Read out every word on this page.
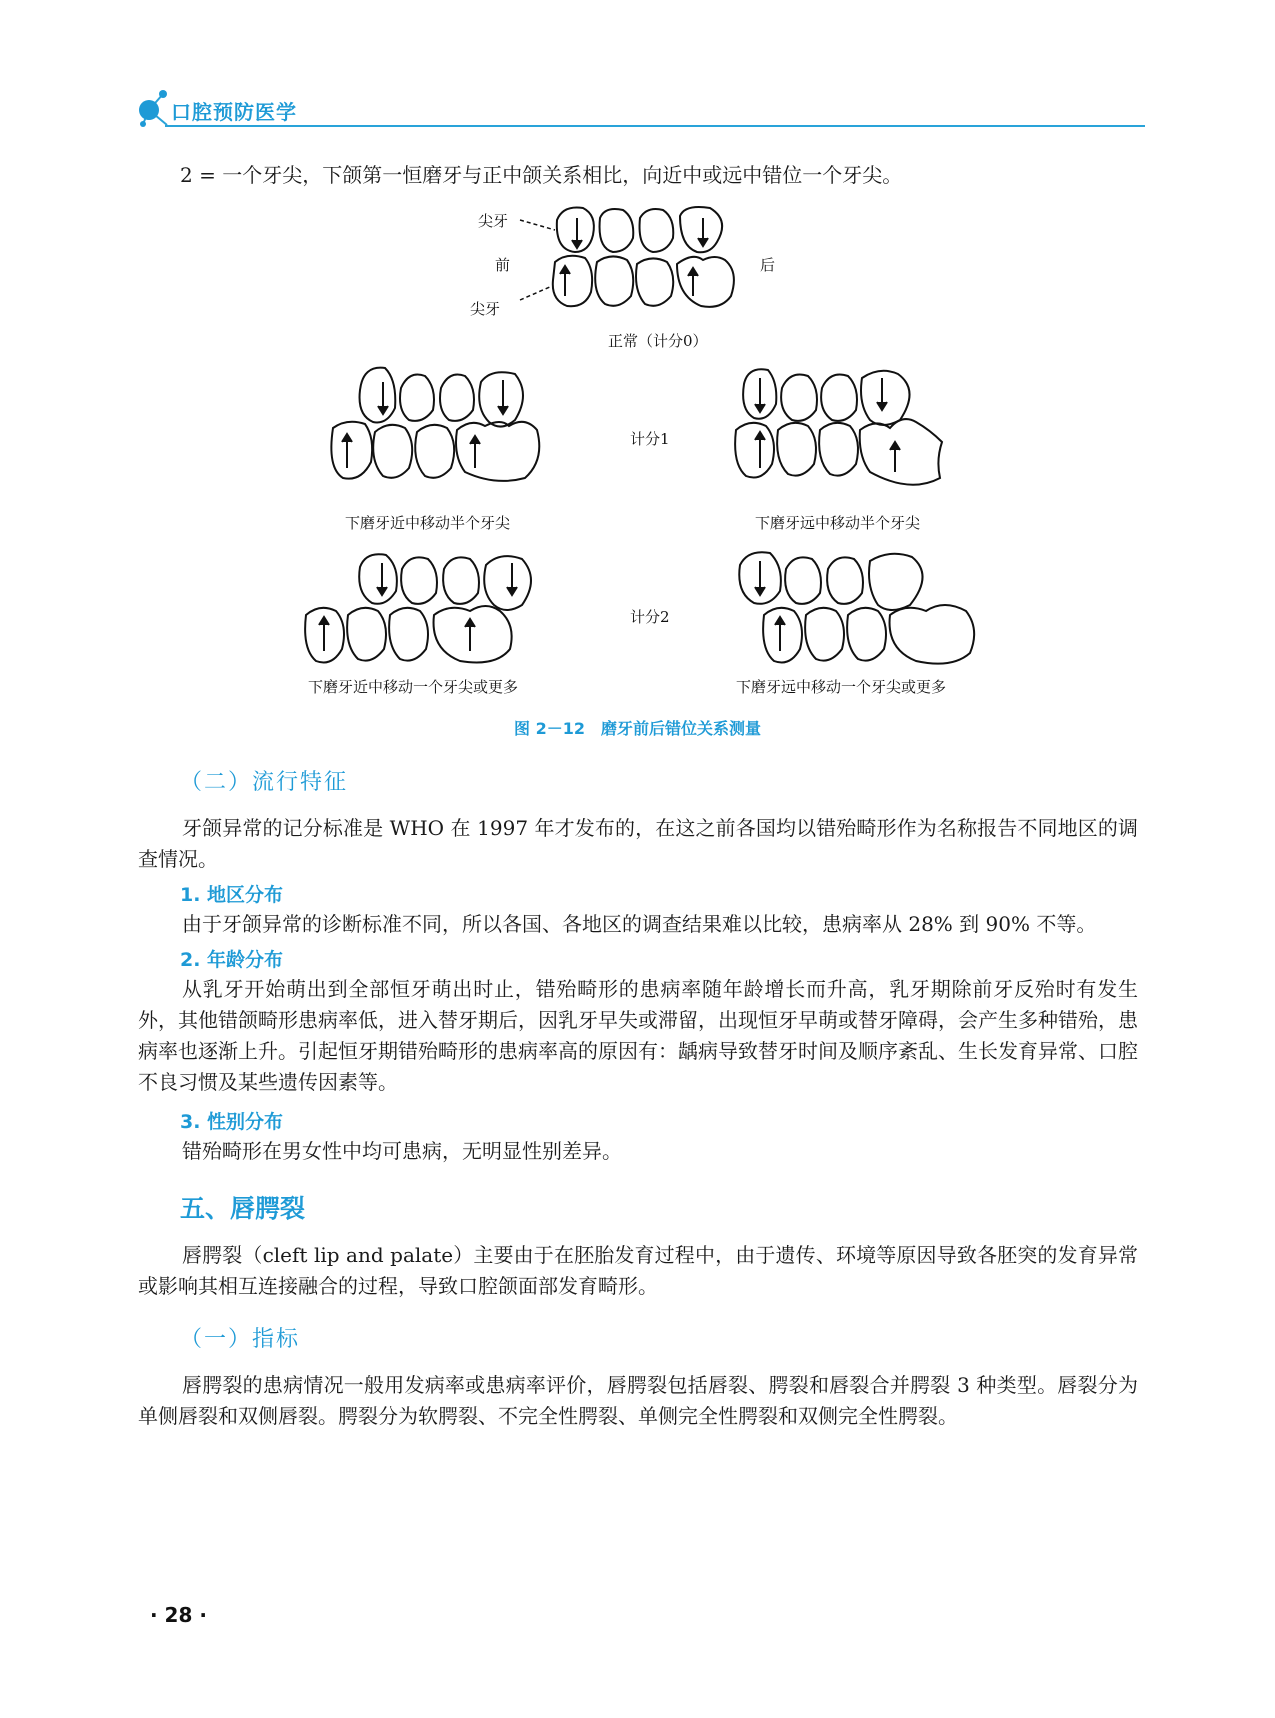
口腔预防医学
2 = 一个牙尖，下颌第一恒磨牙与正中颌关系相比，向近中或远中错位一个牙尖。
尖牙
尖牙
前	后
正常（计分0）
计分1
下磨牙近中移动半个牙尖	下磨牙远中移动半个牙尖
计分2
下磨牙近中移动一个牙尖或更多	下磨牙远中移动一个牙尖或更多
图 2－12　磨牙前后错位关系测量
（二）流行特征
牙颌异常的记分标准是 WHO 在 1997 年才发布的，在这之前各国均以错殆畸形作为名称报告不同地区的调查情况。
1. 地区分布
由于牙颌异常的诊断标准不同，所以各国、各地区的调查结果难以比较，患病率从 28% 到 90% 不等。
2. 年龄分布
从乳牙开始萌出到全部恒牙萌出时止，错殆畸形的患病率随年龄增长而升高，乳牙期除前牙反殆时有发生外，其他错颌畸形患病率低，进入替牙期后，因乳牙早失或滞留，出现恒牙早萌或替牙障碍，会产生多种错殆，患病率也逐渐上升。引起恒牙期错殆畸形的患病率高的原因有：龋病导致替牙时间及顺序紊乱、生长发育异常、口腔不良习惯及某些遗传因素等。
3. 性别分布
错殆畸形在男女性中均可患病，无明显性别差异。
五、唇腭裂
唇腭裂（cleft lip and palate）主要由于在胚胎发育过程中，由于遗传、环境等原因导致各胚突的发育异常或影响其相互连接融合的过程，导致口腔颌面部发育畸形。
（一）指标
唇腭裂的患病情况一般用发病率或患病率评价，唇腭裂包括唇裂、腭裂和唇裂合并腭裂 3 种类型。唇裂分为单侧唇裂和双侧唇裂。腭裂分为软腭裂、不完全性腭裂、单侧完全性腭裂和双侧完全性腭裂。
· 28 ·
